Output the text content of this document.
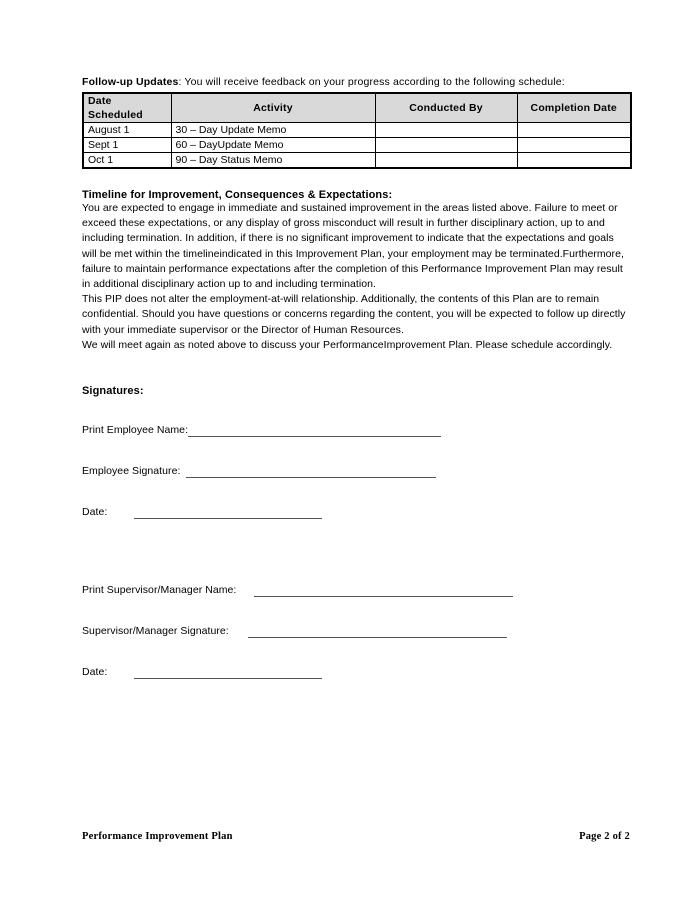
Follow-up Updates: You will receive feedback on your progress according to the following schedule:
Date Scheduled	Activity	Conducted By	Completion Date
August 1	30 – Day Update Memo		
Sept 1	60 – DayUpdate Memo		
Oct 1	90 – Day Status Memo		
Timeline for Improvement, Consequences & Expectations:

You are expected to engage in immediate and sustained improvement in the areas listed above. Failure to meet or exceed these expectations, or any display of gross misconduct will result in further disciplinary action, up to and including termination. In addition, if there is no significant improvement to indicate that the expectations and goals will be met within the timelineindicated in this Improvement Plan, your employment may be terminated.Furthermore, failure to maintain performance expectations after the completion of this Performance Improvement Plan may result in additional disciplinary action up to and including termination.

This PIP does not alter the employment-at-will relationship. Additionally, the contents of this Plan are to remain confidential. Should you have questions or concerns regarding the content, you will be expected to follow up directly with your immediate supervisor or the Director of Human Resources.

We will meet again as noted above to discuss your PerformanceImprovement Plan. Please schedule accordingly.

Signatures:
Print Employee Name:
Employee Signature:
Date:
Print Supervisor/Manager Name:
Supervisor/Manager Signature:
Date:
Performance Improvement Plan	Page 2 of 2
